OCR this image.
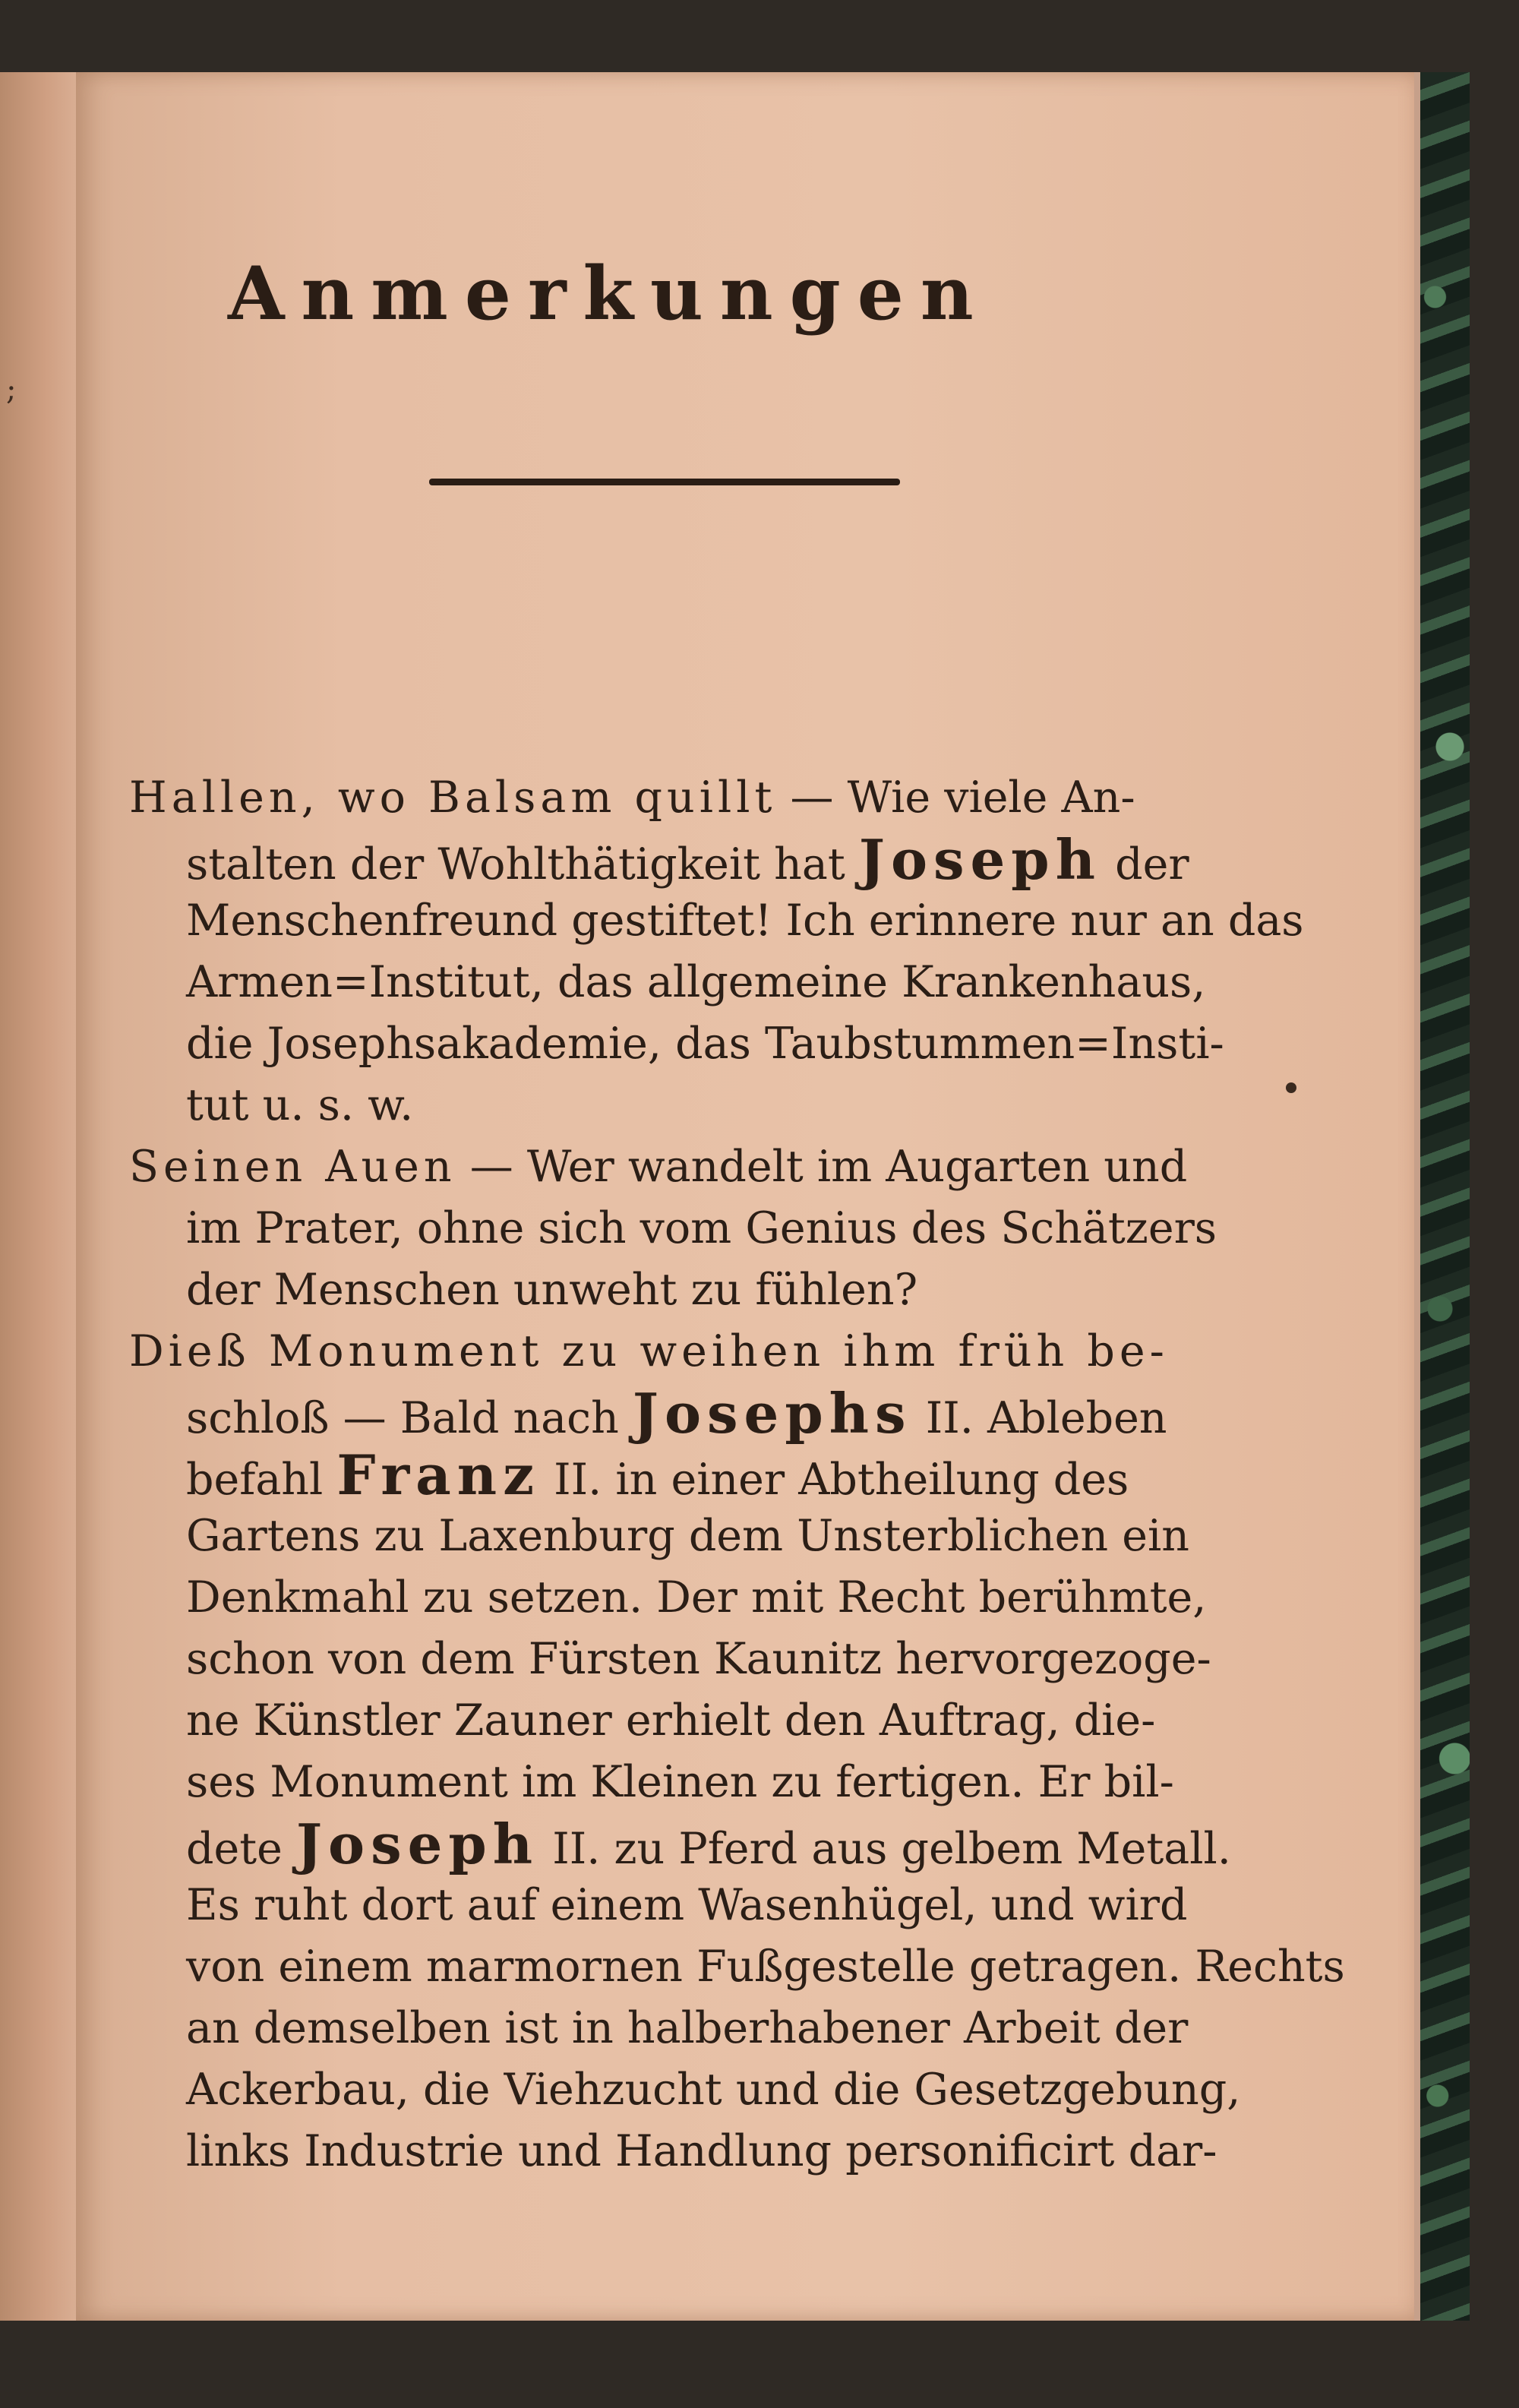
;
Anmerkungen
Hallen, wo Balsam quillt — Wie viele An-
stalten der Wohlthätigkeit hat Joseph der
Menschenfreund gestiftet! Ich erinnere nur an das
Armen=Institut, das allgemeine Krankenhaus,
die Josephsakademie, das Taubstummen=Insti-
tut u. s. w.
Seinen Auen — Wer wandelt im Augarten und
im Prater, ohne sich vom Genius des Schätzers
der Menschen unweht zu fühlen?
Dieß Monument zu weihen ihm früh be-
schloß — Bald nach Josephs II. Ableben
befahl Franz II. in einer Abtheilung des
Gartens zu Laxenburg dem Unsterblichen ein
Denkmahl zu setzen. Der mit Recht berühmte,
schon von dem Fürsten Kaunitz hervorgezoge-
ne Künstler Zauner erhielt den Auftrag, die-
ses Monument im Kleinen zu fertigen. Er bil-
dete Joseph II. zu Pferd aus gelbem Metall.
Es ruht dort auf einem Wasenhügel, und wird
von einem marmornen Fußgestelle getragen. Rechts
an demselben ist in halberhabener Arbeit der
Ackerbau, die Viehzucht und die Gesetzgebung,
links Industrie und Handlung personificirt dar-
